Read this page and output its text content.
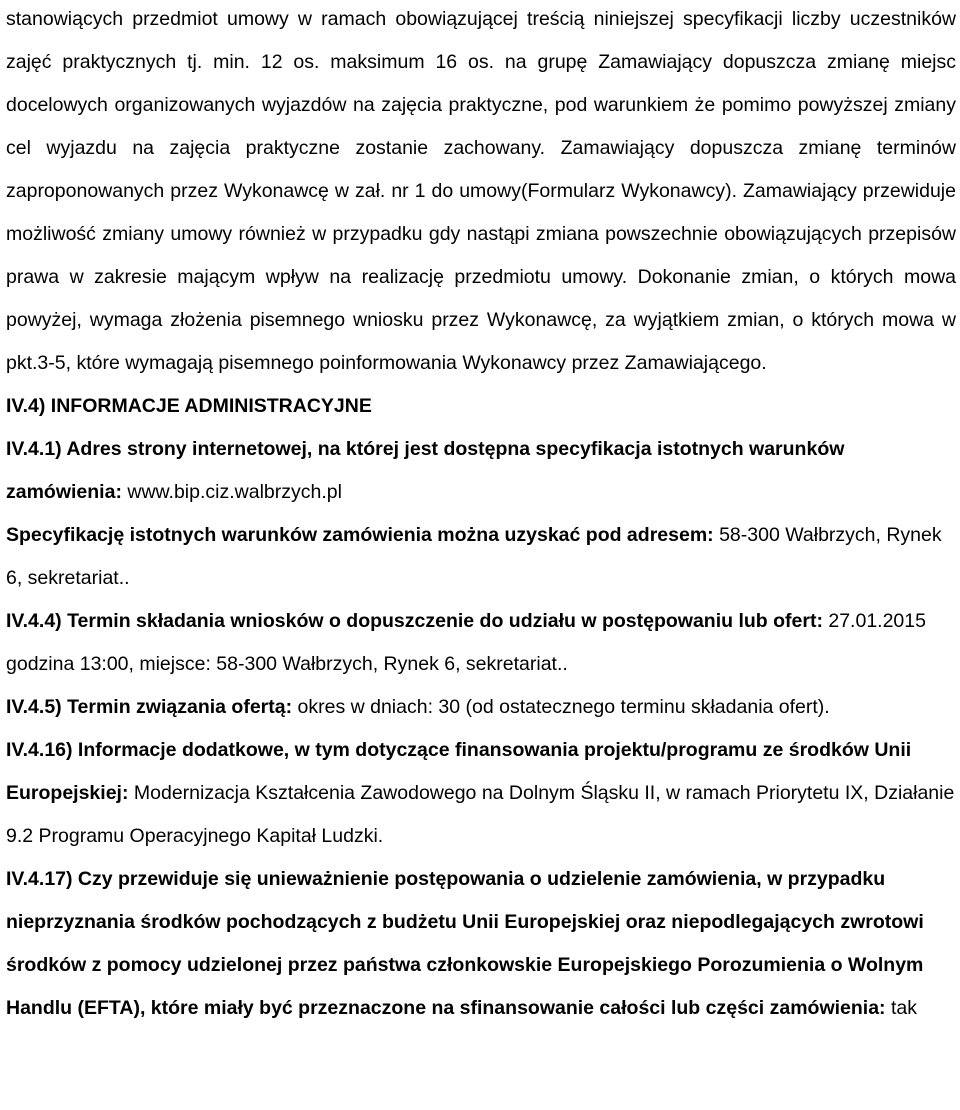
stanowiących przedmiot umowy w ramach obowiązującej treścią niniejszej specyfikacji liczby uczestników zajęć praktycznych tj. min. 12 os. maksimum 16 os. na grupę Zamawiający dopuszcza zmianę miejsc docelowych organizowanych wyjazdów na zajęcia praktyczne, pod warunkiem że pomimo powyższej zmiany cel wyjazdu na zajęcia praktyczne zostanie zachowany. Zamawiający dopuszcza zmianę terminów zaproponowanych przez Wykonawcę w zał. nr 1 do umowy(Formularz Wykonawcy). Zamawiający przewiduje możliwość zmiany umowy również w przypadku gdy nastąpi zmiana powszechnie obowiązujących przepisów prawa w zakresie mającym wpływ na realizację przedmiotu umowy. Dokonanie zmian, o których mowa powyżej, wymaga złożenia pisemnego wniosku przez Wykonawcę, za wyjątkiem zmian, o których mowa w pkt.3-5, które wymagają pisemnego poinformowania Wykonawcy przez Zamawiającego.

IV.4) INFORMACJE ADMINISTRACYJNE

IV.4.1) Adres strony internetowej, na której jest dostępna specyfikacja istotnych warunków zamówienia: www.bip.ciz.walbrzych.pl

Specyfikację istotnych warunków zamówienia można uzyskać pod adresem: 58-300 Wałbrzych, Rynek 6, sekretariat..

IV.4.4) Termin składania wniosków o dopuszczenie do udziału w postępowaniu lub ofert: 27.01.2015 godzina 13:00, miejsce: 58-300 Wałbrzych, Rynek 6, sekretariat..

IV.4.5) Termin związania ofertą: okres w dniach: 30 (od ostatecznego terminu składania ofert).

IV.4.16) Informacje dodatkowe, w tym dotyczące finansowania projektu/programu ze środków Unii Europejskiej: Modernizacja Kształcenia Zawodowego na Dolnym Śląsku II, w ramach Priorytetu IX, Działanie 9.2 Programu Operacyjnego Kapitał Ludzki.

IV.4.17) Czy przewiduje się unieważnienie postępowania o udzielenie zamówienia, w przypadku nieprzyznania środków pochodzących z budżetu Unii Europejskiej oraz niepodlegających zwrotowi środków z pomocy udzielonej przez państwa członkowskie Europejskiego Porozumienia o Wolnym Handlu (EFTA), które miały być przeznaczone na sfinansowanie całości lub części zamówienia: tak
